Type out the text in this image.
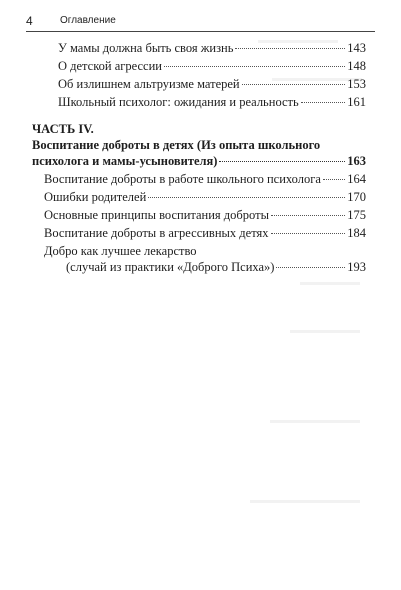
4	Оглавление
У мамы должна быть своя жизнь	143
О детской агрессии	148
Об излишнем альтруизме матерей	153
Школьный психолог: ожидания и реальность	161
ЧАСТЬ IV.
Воспитание доброты в детях (Из опыта школьного
психолога и мамы-усыновителя)	163
Воспитание доброты в работе школьного психолога 164
Ошибки родителей	170
Основные принципы воспитания доброты	175
Воспитание доброты в агрессивных детях	184
Добро как лучшее лекарство
(случай из практики «Доброго Психа»)	193
